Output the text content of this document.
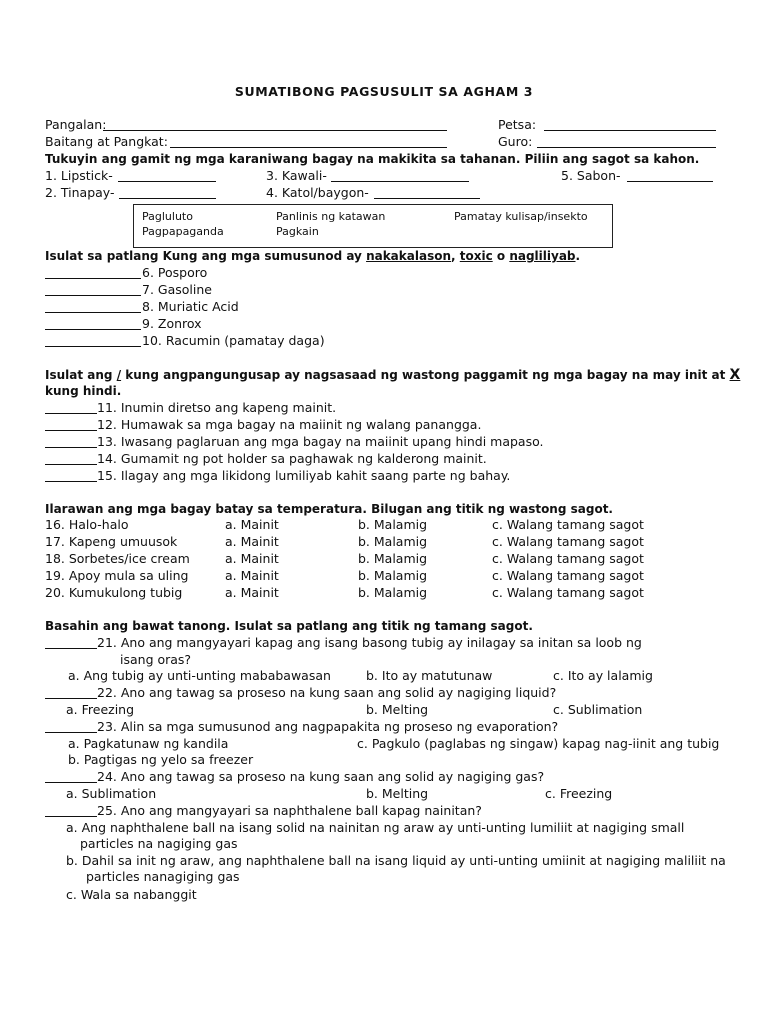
SUMATIBONG PAGSUSULIT SA AGHAM 3
Pangalan:	Petsa:
Baitang at Pangkat:	Guro:
Tukuyin ang gamit ng mga karaniwang bagay na makikita sa tahanan. Piliin ang sagot sa kahon.
1. Lipstick-	3. Kawali-	5. Sabon-
2. Tinapay-	4. Katol/baygon-
Pagluluto	Panlinis ng katawan	Pamatay kulisap/insekto
Pagpapaganda	Pagkain
Isulat sa patlang Kung ang mga sumusunod ay nakakalason, toxic o nagliliyab.
6. Posporo
7. Gasoline
8. Muriatic Acid
9. Zonrox
10. Racumin (pamatay daga)
Isulat ang / kung angpangungusap ay nagsasaad ng wastong paggamit ng mga bagay na may init at X
kung hindi.
11. Inumin diretso ang kapeng mainit.
12. Humawak sa mga bagay na maiinit ng walang panangga.
13. Iwasang paglaruan ang mga bagay na maiinit upang hindi mapaso.
14. Gumamit ng pot holder sa paghawak ng kalderong mainit.
15. Ilagay ang mga likidong lumiliyab kahit saang parte ng bahay.
Ilarawan ang mga bagay batay sa temperatura. Bilugan ang titik ng wastong sagot.
16. Halo-halo	a. Mainit	b. Malamig	c. Walang tamang sagot
17. Kapeng umuusok	a. Mainit	b. Malamig	c. Walang tamang sagot
18. Sorbetes/ice cream	a. Mainit	b. Malamig	c. Walang tamang sagot
19. Apoy mula sa uling	a. Mainit	b. Malamig	c. Walang tamang sagot
20. Kumukulong tubig	a. Mainit	b. Malamig	c. Walang tamang sagot
Basahin ang bawat tanong. Isulat sa patlang ang titik ng tamang sagot.
21. Ano ang mangyayari kapag ang isang basong tubig ay inilagay sa initan sa loob ng
isang oras?
a. Ang tubig ay unti-unting mababawasan	b. Ito ay matutunaw	c. Ito ay lalamig
22. Ano ang tawag sa proseso na kung saan ang solid ay nagiging liquid?
a. Freezing	b. Melting	c. Sublimation
23. Alin sa mga sumusunod ang nagpapakita ng proseso ng evaporation?
a. Pagkatunaw ng kandila	c. Pagkulo (paglabas ng singaw) kapag nag-iinit ang tubig
b. Pagtigas ng yelo sa freezer
24. Ano ang tawag sa proseso na kung saan ang solid ay nagiging gas?
a. Sublimation	b. Melting	c. Freezing
25. Ano ang mangyayari sa naphthalene ball kapag nainitan?
a. Ang naphthalene ball na isang solid na nainitan ng araw ay unti-unting lumiliit at nagiging small
particles na nagiging gas
b. Dahil sa init ng araw, ang naphthalene ball na isang liquid ay unti-unting umiinit at nagiging maliliit na
particles nanagiging gas
c. Wala sa nabanggit
